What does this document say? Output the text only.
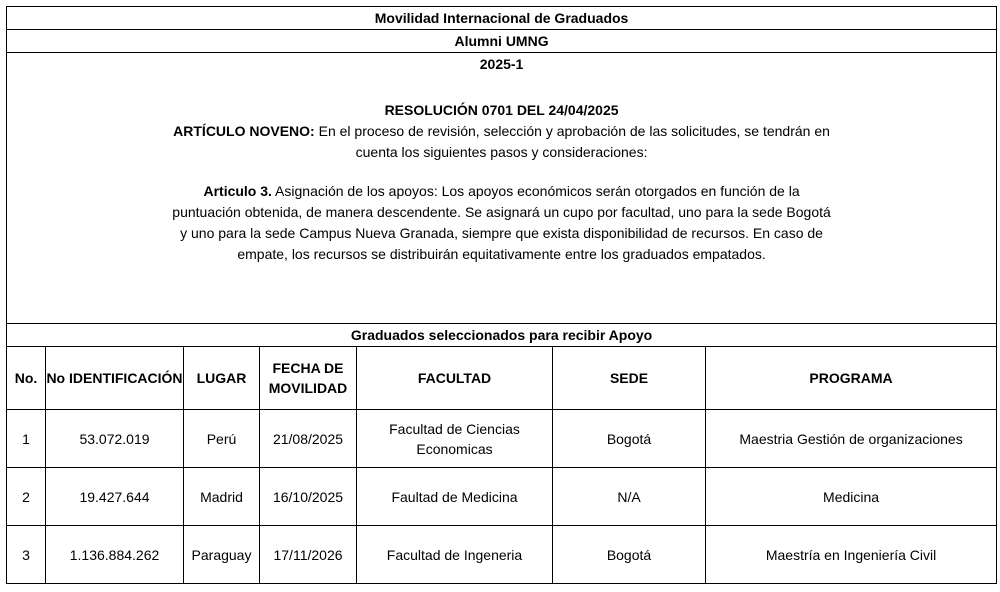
Movilidad Internacional de Graduados						
Alumni UMNG						
2025-1						

RESOLUCIÓN 0701 DEL 24/04/2025
ARTÍCULO NOVENO: En el proceso de revisión, selección y aprobación de las solicitudes, se tendrán en cuenta los siguientes pasos y consideraciones:
Articulo 3. Asignación de los apoyos: Los apoyos económicos serán otorgados en función de la puntuación obtenida, de manera descendente. Se asignará un cupo por facultad, uno para la sede Bogotá y uno para la sede Campus Nueva Granada, siempre que exista disponibilidad de recursos. En caso de empate, los recursos se distribuirán equitativamente entre los graduados empatados.						

Graduados seleccionados para recibir Apoyo						
No.	No IDENTIFICACIÓN	LUGAR	FECHA DE MOVILIDAD	FACULTAD	SEDE	PROGRAMA
1	53.072.019	Perú	21/08/2025	Facultad de Ciencias Economicas	Bogotá	Maestria Gestión de organizaciones
2	19.427.644	Madrid	16/10/2025	Faultad de Medicina	N/A	Medicina
3	1.136.884.262	Paraguay	17/11/2026	Facultad de Ingeneria	Bogotá	Maestría en Ingeniería Civil
